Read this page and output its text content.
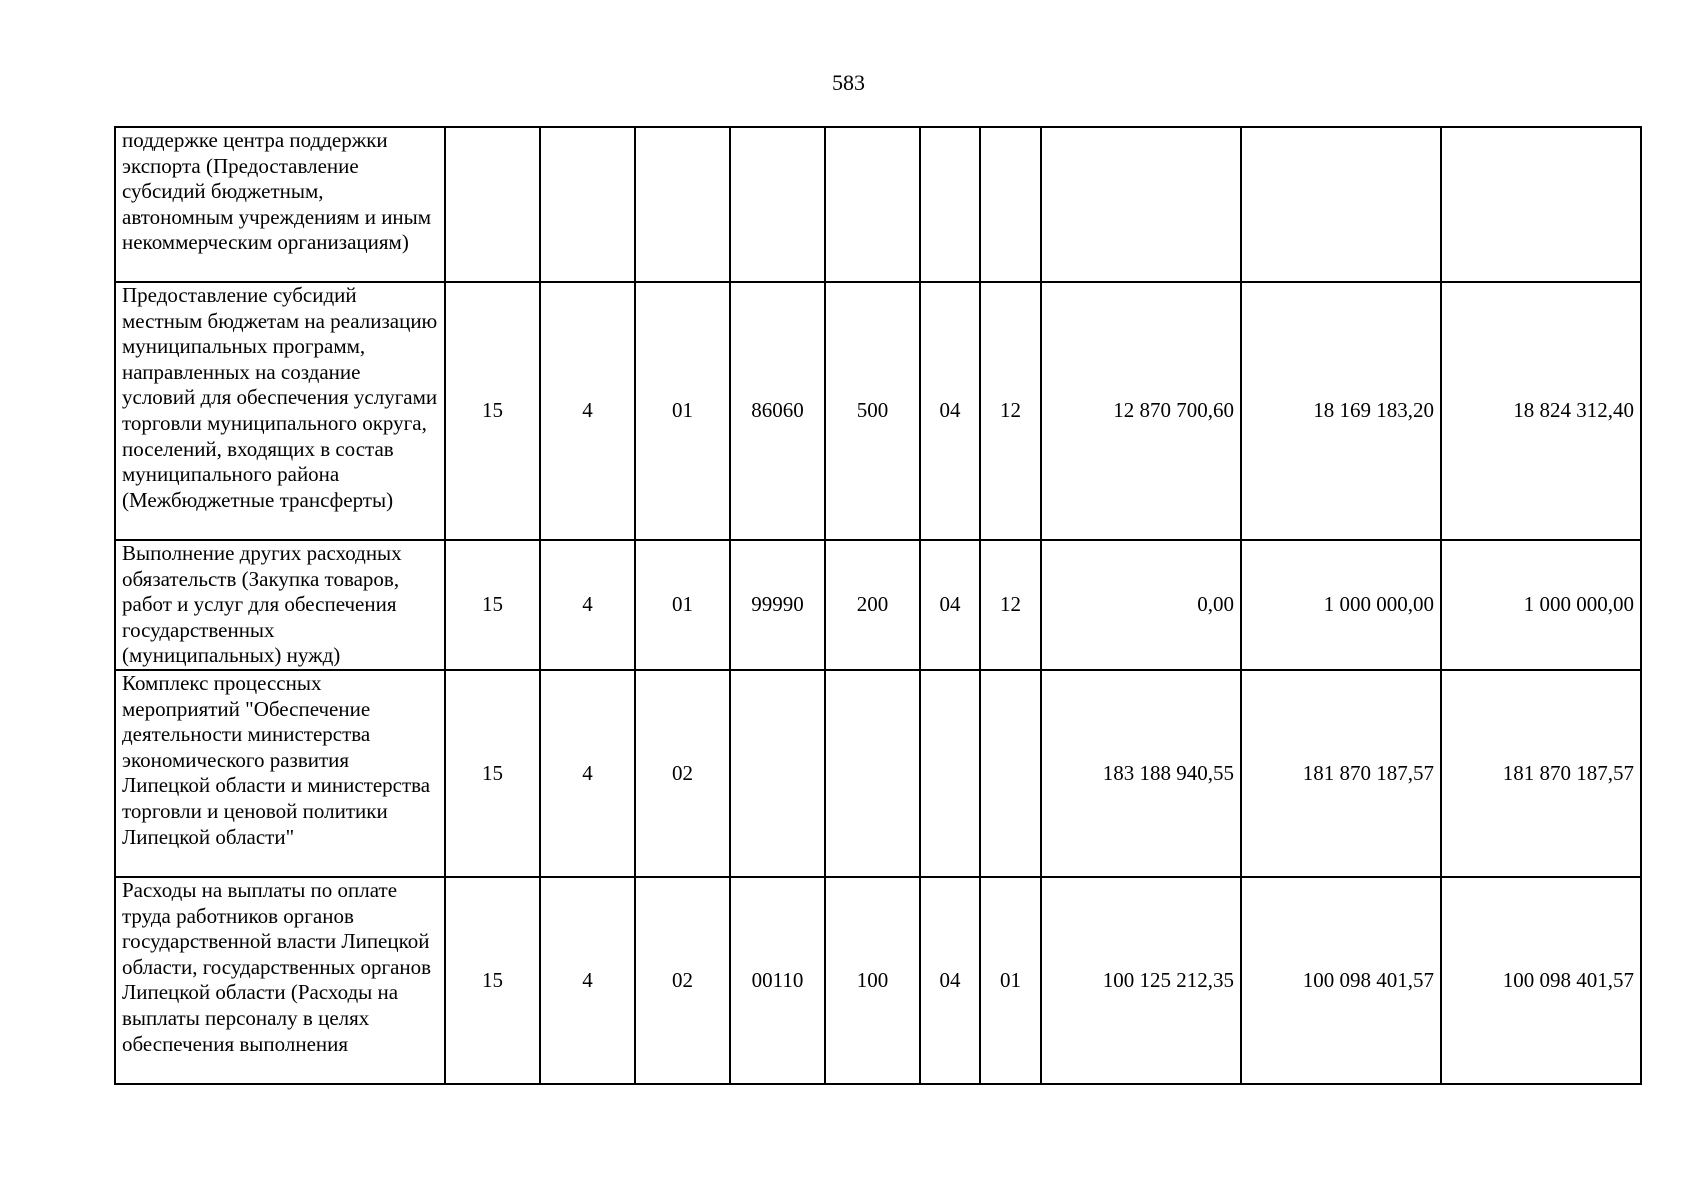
583
поддержке центра поддержки экспорта (Предоставление субсидий бюджетным, автономным учреждениям и иным некоммерческим организациям)										
Предоставление субсидий местным бюджетам на реализацию муниципальных программ, направленных на создание условий для обеспечения услугами торговли муниципального округа, поселений, входящих в состав муниципального района (Межбюджетные трансферты)	15	4	01	86060	500	04	12	12 870 700,60	18 169 183,20	18 824 312,40
Выполнение других расходных обязательств (Закупка товаров, работ и услуг для обеспечения государственных (муниципальных) нужд)	15	4	01	99990	200	04	12	0,00	1 000 000,00	1 000 000,00
Комплекс процессных мероприятий "Обеспечение деятельности министерства экономического развития Липецкой области и министерства торговли и ценовой политики Липецкой области"	15	4	02					183 188 940,55	181 870 187,57	181 870 187,57
Расходы на выплаты по оплате труда работников органов государственной власти Липецкой области, государственных органов Липецкой области (Расходы на выплаты персоналу в целях обеспечения выполнения	15	4	02	00110	100	04	01	100 125 212,35	100 098 401,57	100 098 401,57
